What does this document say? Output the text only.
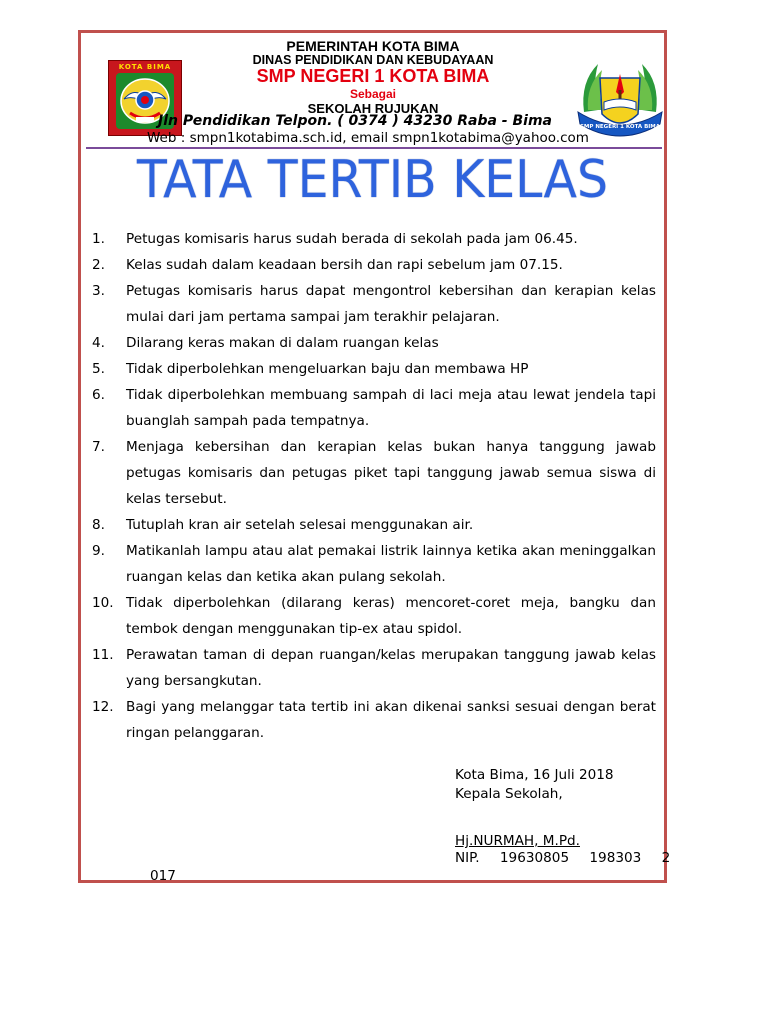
KOTA BIMA
SMP NEGERI 1 KOTA BIMA
PEMERINTAH KOTA BIMA
DINAS PENDIDIKAN DAN KEBUDAYAAN
SMP NEGERI 1 KOTA BIMA
Sebagai
SEKOLAH RUJUKAN
Jln Pendidikan Telpon. ( 0374 ) 43230 Raba - Bima
Web : smpn1kotabima.sch.id, email smpn1kotabima@yahoo.com
TATA TERTIB KELAS
1. Petugas komisaris harus sudah berada di sekolah pada jam 06.45.
2. Kelas sudah dalam keadaan bersih dan rapi sebelum jam 07.15.
3. Petugas komisaris harus dapat mengontrol kebersihan dan kerapian kelas mulai dari jam pertama sampai jam terakhir pelajaran.
4. Dilarang keras makan di dalam ruangan kelas
5. Tidak diperbolehkan mengeluarkan baju dan membawa HP
6. Tidak diperbolehkan membuang sampah di laci meja atau lewat jendela tapi buanglah sampah pada tempatnya.
7. Menjaga kebersihan dan kerapian kelas bukan hanya tanggung jawab petugas komisaris dan petugas piket tapi tanggung jawab semua siswa di kelas tersebut.
8. Tutuplah kran air setelah selesai menggunakan air.
9. Matikanlah lampu atau alat pemakai listrik lainnya ketika akan meninggalkan ruangan kelas dan ketika akan pulang sekolah.
10. Tidak diperbolehkan (dilarang keras) mencoret-coret meja, bangku dan tembok dengan menggunakan tip-ex atau spidol.
11. Perawatan taman di depan ruangan/kelas merupakan tanggung jawab kelas yang bersangkutan.
12. Bagi yang melanggar tata tertib ini akan dikenai sanksi sesuai dengan berat ringan pelanggaran.
Kota Bima, 16 Juli 2018
Kepala Sekolah,
Hj.NURMAH, M.Pd.
NIP. 19630805 198303 2
017
